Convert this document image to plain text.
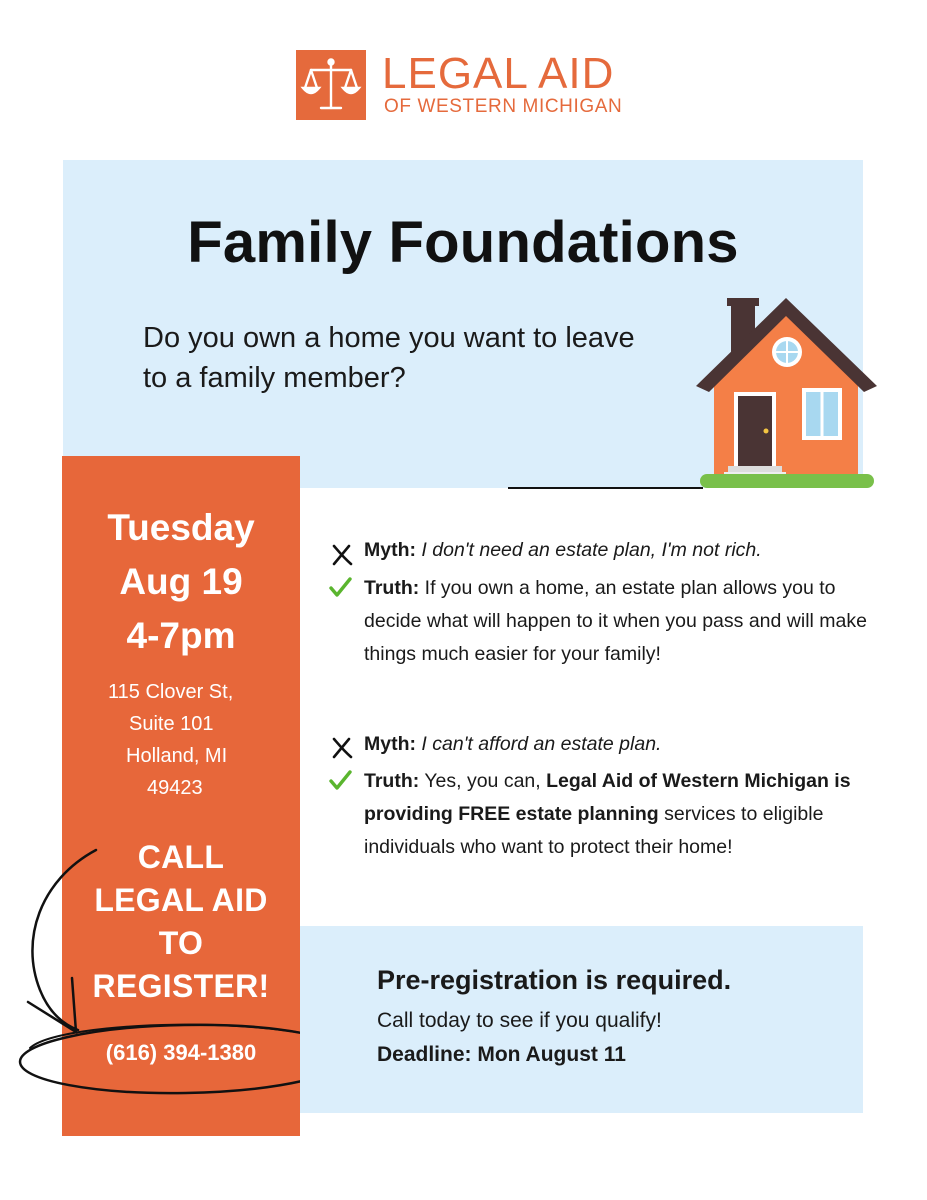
LEGAL AID
OF WESTERN MICHIGAN
Family Foundations
Do you own a home you want to leave to a family member?
Tuesday
Aug 19
4-7pm
115 Clover St,
Suite 101
Holland, MI
49423
CALL
LEGAL AID
TO
REGISTER!
(616) 394-1380
Myth: I don't need an estate plan, I'm not rich.
Truth: If you own a home, an estate plan allows you to decide what will happen to it when you pass and will make things much easier for your family!
Myth: I can't afford an estate plan.
Truth: Yes, you can, Legal Aid of Western Michigan is providing FREE estate planning services to eligible individuals who want to protect their home!
Pre-registration is required.
Call today to see if you qualify!
Deadline: Mon August 11
